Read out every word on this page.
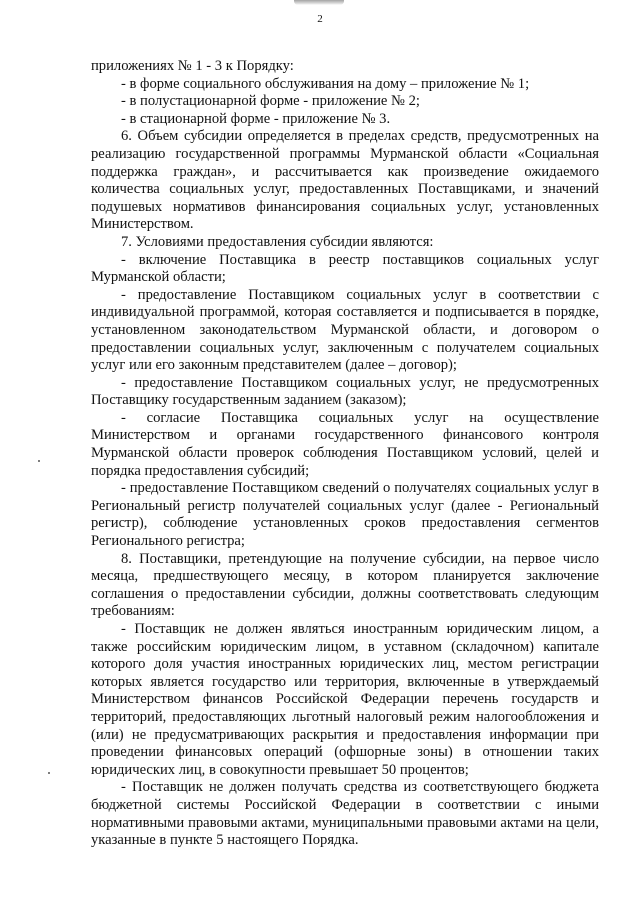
2

приложениях № 1 - 3 к Порядку:

- в форме социального обслуживания на дому – приложение № 1;

- в полустационарной форме - приложение № 2;

- в стационарной форме - приложение № 3.

6. Объем субсидии определяется в пределах средств, предусмотренных на реализацию государственной программы Мурманской области «Социальная поддержка граждан», и рассчитывается как произведение ожидаемого количества социальных услуг, предоставленных Поставщиками, и значений подушевых нормативов финансирования социальных услуг, установленных Министерством.

7. Условиями предоставления субсидии являются:

- включение Поставщика в реестр поставщиков социальных услуг Мурманской области;

- предоставление Поставщиком социальных услуг в соответствии с индивидуальной программой, которая составляется и подписывается в порядке, установленном законодательством Мурманской области, и договором о предоставлении социальных услуг, заключенным с получателем социальных услуг или его законным представителем (далее – договор);

- предоставление Поставщиком социальных услуг, не предусмотренных Поставщику государственным заданием (заказом);

- согласие Поставщика социальных услуг на осуществление Министерством и органами государственного финансового контроля Мурманской области проверок соблюдения Поставщиком условий, целей и порядка предоставления субсидий;

- предоставление Поставщиком сведений о получателях социальных услуг в Региональный регистр получателей социальных услуг (далее - Региональный регистр), соблюдение установленных сроков предоставления сегментов Регионального регистра;

8. Поставщики, претендующие на получение субсидии, на первое число месяца, предшествующего месяцу, в котором планируется заключение соглашения о предоставлении субсидии, должны соответствовать следующим требованиям:

- Поставщик не должен являться иностранным юридическим лицом, а также российским юридическим лицом, в уставном (складочном) капитале которого доля участия иностранных юридических лиц, местом регистрации которых является государство или территория, включенные в утверждаемый Министерством финансов Российской Федерации перечень государств и территорий, предоставляющих льготный налоговый режим налогообложения и (или) не предусматривающих раскрытия и предоставления информации при проведении финансовых операций (офшорные зоны) в отношении таких юридических лиц, в совокупности превышает 50 процентов;

- Поставщик не должен получать средства из соответствующего бюджета бюджетной системы Российской Федерации в соответствии с иными нормативными правовыми актами, муниципальными правовыми актами на цели, указанные в пункте 5 настоящего Порядка.
